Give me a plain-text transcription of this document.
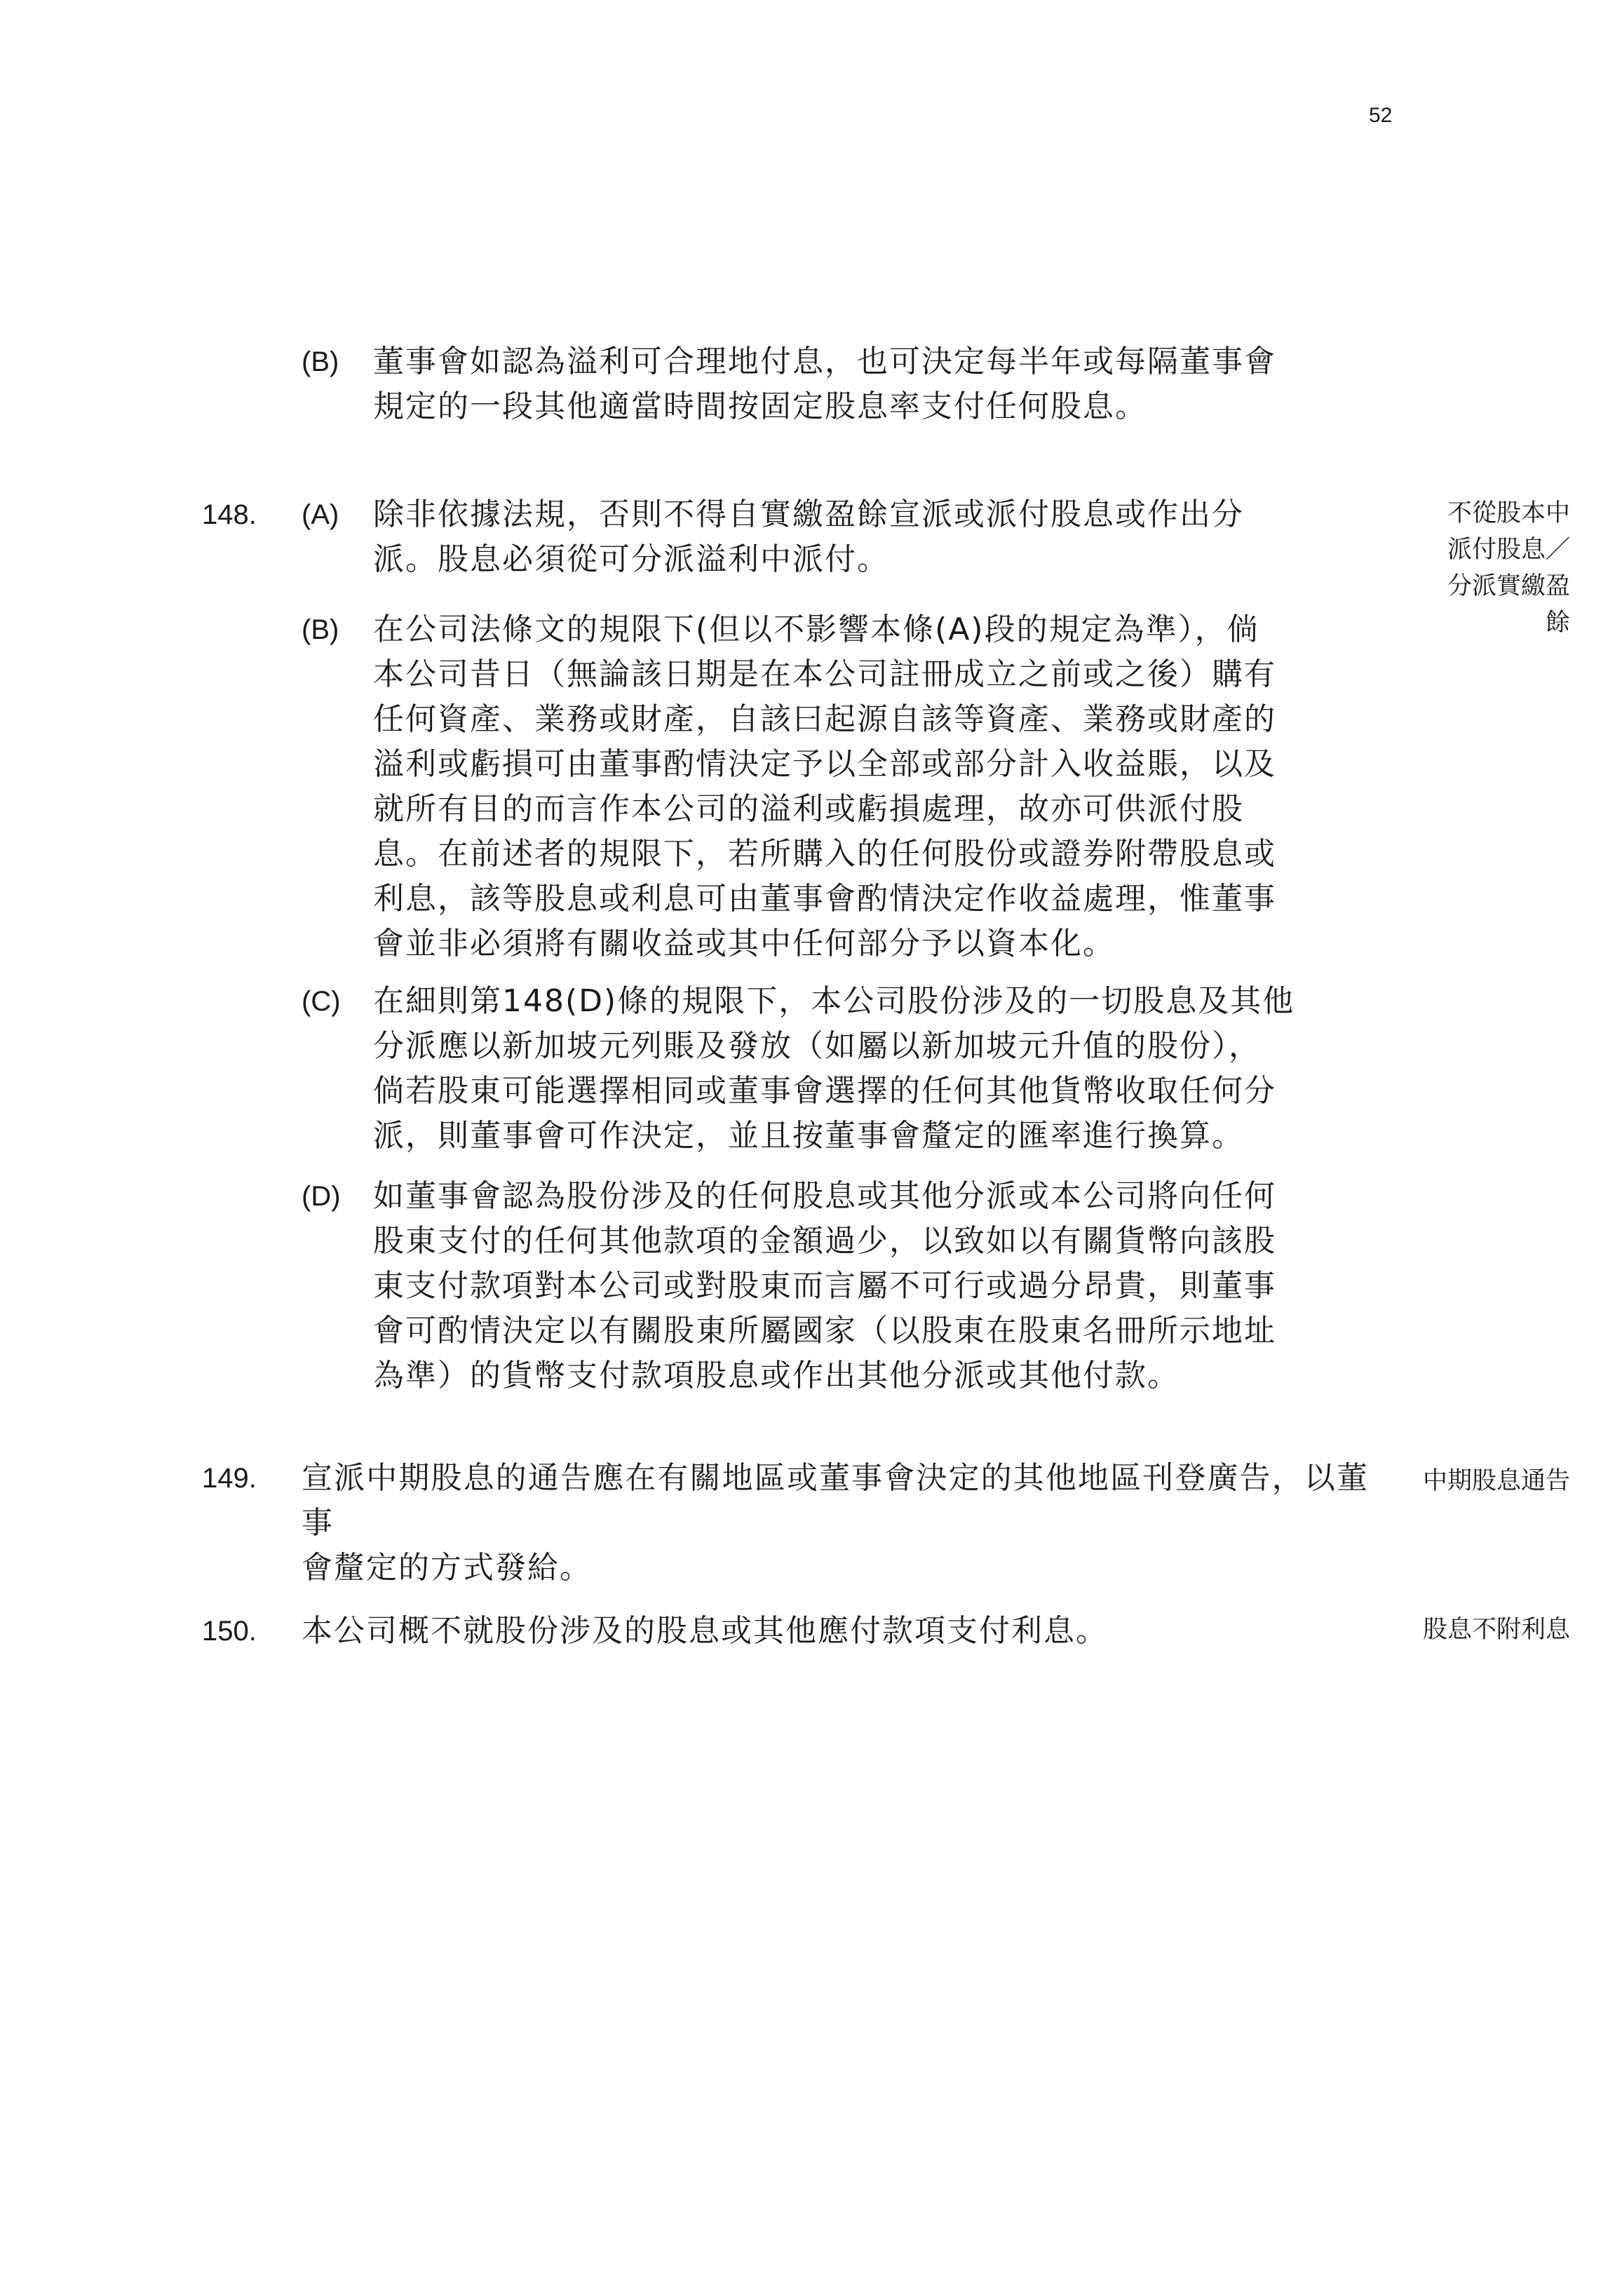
52
(B) 董事會如認為溢利可合理地付息，也可決定每半年或每隔董事會
規定的一段其他適當時間按固定股息率支付任何股息。
148.	不從股本中
派付股息／
分派實繳盈
餘
(A) 除非依據法規，否則不得自實繳盈餘宣派或派付股息或作出分
派。股息必須從可分派溢利中派付。
(B) 在公司法條文的規限下(但以不影響本條(A)段的規定為準），倘
本公司昔日（無論該日期是在本公司註冊成立之前或之後）購有
任何資產、業務或財產，自該曰起源自該等資產、業務或財產的
溢利或虧損可由董事酌情決定予以全部或部分計入收益賬，以及
就所有目的而言作本公司的溢利或虧損處理，故亦可供派付股
息。在前述者的規限下，若所購入的任何股份或證券附帶股息或
利息，該等股息或利息可由董事會酌情決定作收益處理，惟董事
會並非必須將有關收益或其中任何部分予以資本化。
(C) 在細則第148(D)條的規限下，本公司股份涉及的一切股息及其他
分派應以新加坡元列賬及發放（如屬以新加坡元升值的股份），
倘若股東可能選擇相同或董事會選擇的任何其他貨幣收取任何分
派，則董事會可作決定，並且按董事會釐定的匯率進行換算。
(D) 如董事會認為股份涉及的任何股息或其他分派或本公司將向任何
股東支付的任何其他款項的金額過少，以致如以有關貨幣向該股
東支付款項對本公司或對股東而言屬不可行或過分昂貴，則董事
會可酌情決定以有關股東所屬國家（以股東在股東名冊所示地址
為準）的貨幣支付款項股息或作出其他分派或其他付款。
149. 宣派中期股息的通告應在有關地區或董事會決定的其他地區刊登廣告，以董事
會釐定的方式發給。
中期股息通告
150. 本公司概不就股份涉及的股息或其他應付款項支付利息。	股息不附利息
